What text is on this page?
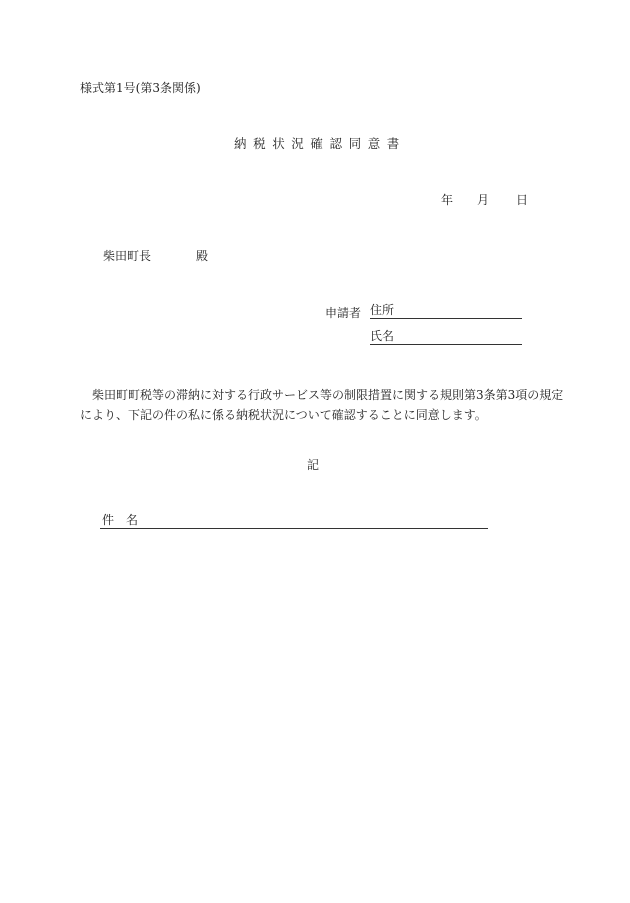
様式第1号(第3条関係)
納税状況確認同意書
年 月 日
柴田町長	殿
申請者 住所
氏名
柴田町町税等の滞納に対する行政サービス等の制限措置に関する規則第3条第3項の規定
により、下記の件の私に係る納税状況について確認することに同意します。
記
件名
